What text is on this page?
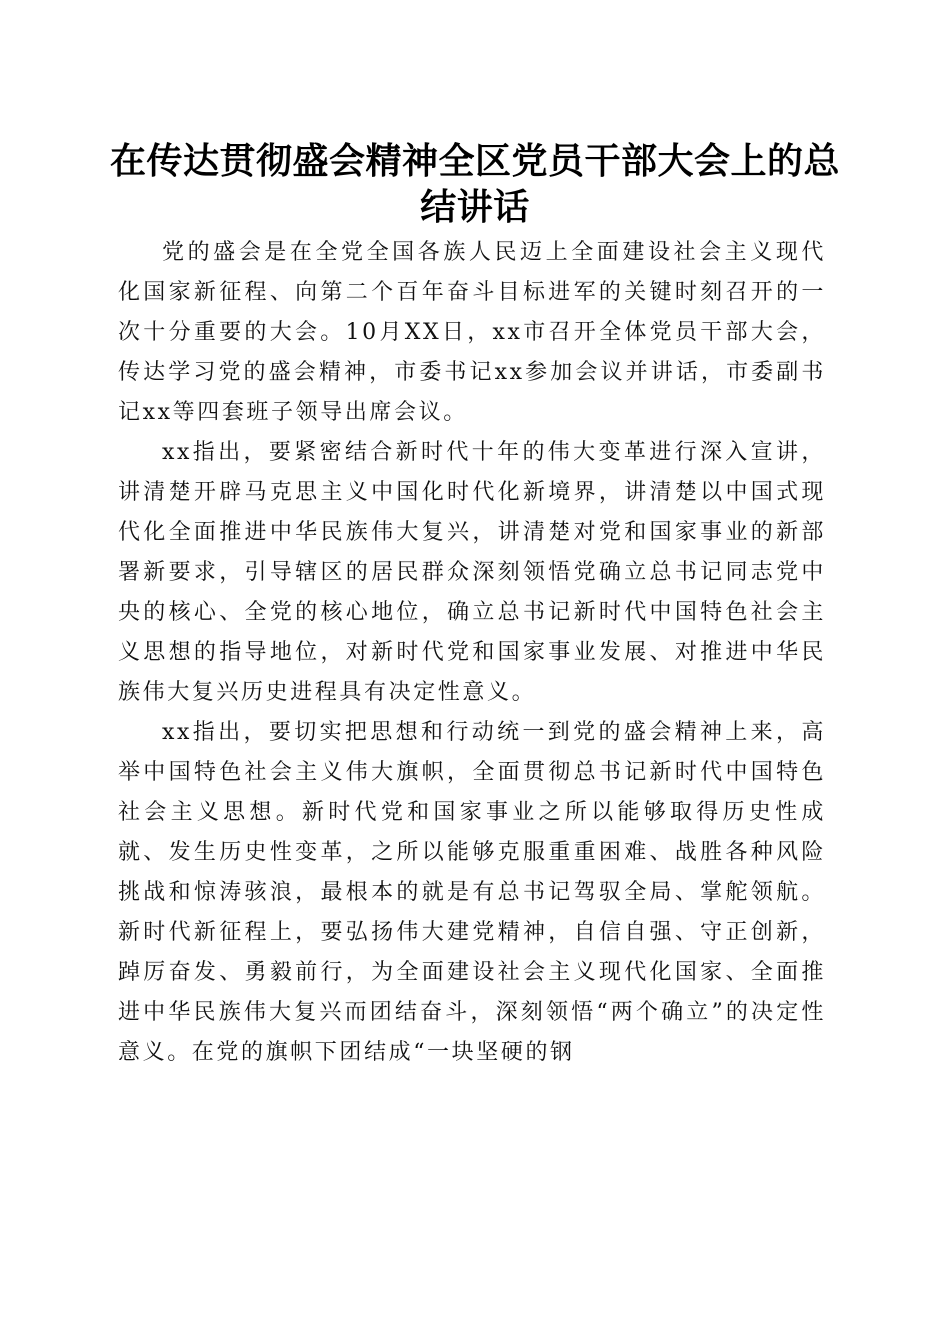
在传达贯彻盛会精神全区党员干部大会上的总结讲话

党的盛会是在全党全国各族人民迈上全面建设社会主义现代化国家新征程、向第二个百年奋斗目标进军的关键时刻召开的一次十分重要的大会。10月XX日，xx市召开全体党员干部大会，传达学习党的盛会精神，市委书记xx参加会议并讲话，市委副书记xx等四套班子领导出席会议。

xx指出，要紧密结合新时代十年的伟大变革进行深入宣讲，讲清楚开辟马克思主义中国化时代化新境界，讲清楚以中国式现代化全面推进中华民族伟大复兴，讲清楚对党和国家事业的新部署新要求，引导辖区的居民群众深刻领悟党确立总书记同志党中央的核心、全党的核心地位，确立总书记新时代中国特色社会主义思想的指导地位，对新时代党和国家事业发展、对推进中华民族伟大复兴历史进程具有决定性意义。

xx指出，要切实把思想和行动统一到党的盛会精神上来，高举中国特色社会主义伟大旗帜，全面贯彻总书记新时代中国特色社会主义思想。新时代党和国家事业之所以能够取得历史性成就、发生历史性变革，之所以能够克服重重困难、战胜各种风险挑战和惊涛骇浪，最根本的就是有总书记驾驭全局、掌舵领航。新时代新征程上，要弘扬伟大建党精神，自信自强、守正创新，踔厉奋发、勇毅前行，为全面建设社会主义现代化国家、全面推进中华民族伟大复兴而团结奋斗，深刻领悟“两个确立”的决定性意义。在党的旗帜下团结成“一块坚硬的钢
